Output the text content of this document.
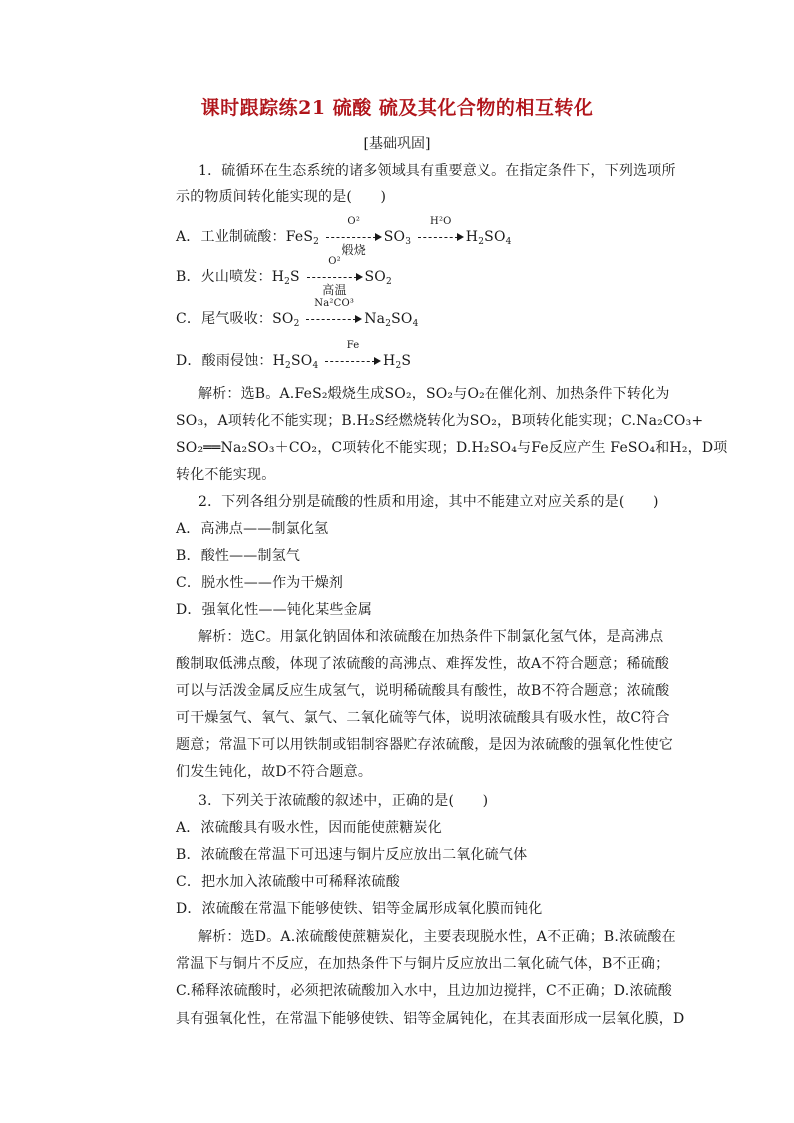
课时跟踪练21 硫酸 硫及其化合物的相互转化
[基础巩固]
1．硫循环在生态系统的诸多领域具有重要意义。在指定条件下，下列选项所
示的物质间转化能实现的是(　　)
A．工业制硫酸：FeS$_2$
O²
煅烧
$SO_3$
H²O
$H_2SO_4$
B．火山喷发：$H_2S$
O²
高温
$SO_2$
C．尾气吸收：$SO_2$
Na²CO³
$Na_2SO_4$
D．酸雨侵蚀：$H_2SO_4$
Fe
$H_2S$
解析：选B。A.FeS₂煅烧生成SO₂，SO₂与O₂在催化剂、加热条件下转化为
SO₃，A项转化不能实现；B.H₂S经燃烧转化为SO₂，B项转化能实现；C.Na₂CO₃+
SO₂══Na₂SO₃＋CO₂，C项转化不能实现；D.H₂SO₄与Fe反应产生 FeSO₄和H₂，D项
转化不能实现。
2．下列各组分别是硫酸的性质和用途，其中不能建立对应关系的是(　　)
A．高沸点——制氯化氢
B．酸性——制氢气
C．脱水性——作为干燥剂
D．强氧化性——钝化某些金属
解析：选C。用氯化钠固体和浓硫酸在加热条件下制氯化氢气体，是高沸点
酸制取低沸点酸，体现了浓硫酸的高沸点、难挥发性，故A不符合题意；稀硫酸
可以与活泼金属反应生成氢气，说明稀硫酸具有酸性，故B不符合题意；浓硫酸
可干燥氢气、氧气、氯气、二氧化硫等气体，说明浓硫酸具有吸水性，故C符合
题意；常温下可以用铁制或铝制容器贮存浓硫酸，是因为浓硫酸的强氧化性使它
们发生钝化，故D不符合题意。
3．下列关于浓硫酸的叙述中，正确的是(　　)
A．浓硫酸具有吸水性，因而能使蔗糖炭化
B．浓硫酸在常温下可迅速与铜片反应放出二氧化硫气体
C．把水加入浓硫酸中可稀释浓硫酸
D．浓硫酸在常温下能够使铁、铝等金属形成氧化膜而钝化
解析：选D。A.浓硫酸使蔗糖炭化，主要表现脱水性，A不正确；B.浓硫酸在
常温下与铜片不反应，在加热条件下与铜片反应放出二氧化硫气体，B不正确；
C.稀释浓硫酸时，必须把浓硫酸加入水中，且边加边搅拌，C不正确；D.浓硫酸
具有强氧化性，在常温下能够使铁、铝等金属钝化，在其表面形成一层氧化膜，D
